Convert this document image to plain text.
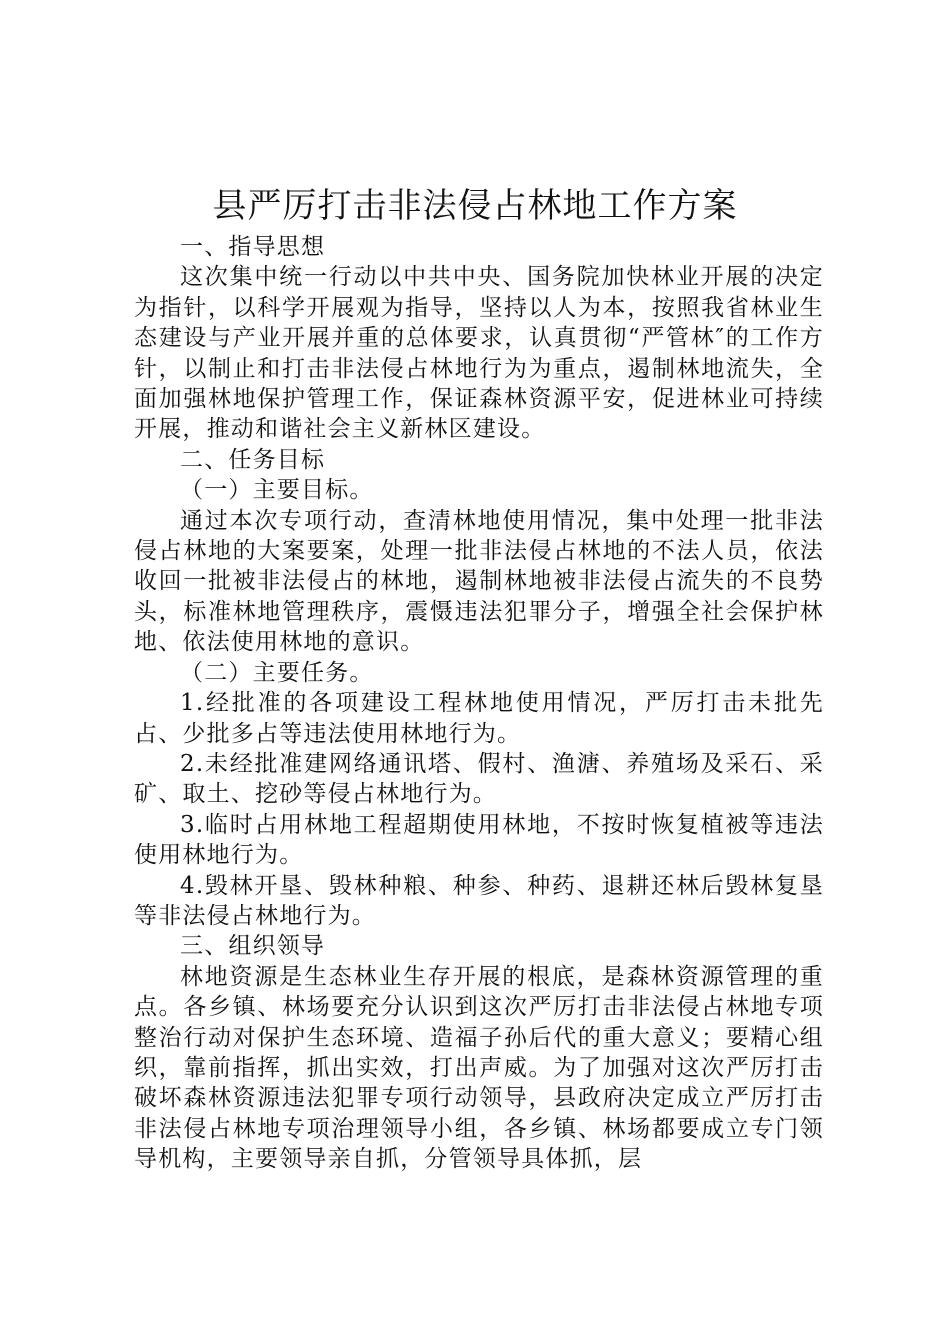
县严厉打击非法侵占林地工作方案

一、指导思想

这次集中统一行动以中共中央、国务院加快林业开展的决定为指针，以科学开展观为指导，坚持以人为本，按照我省林业生态建设与产业开展并重的总体要求，认真贯彻“严管林″的工作方针，以制止和打击非法侵占林地行为为重点，遏制林地流失，全面加强林地保护管理工作，保证森林资源平安，促进林业可持续开展，推动和谐社会主义新林区建设。

二、任务目标

（一）主要目标。

通过本次专项行动，查清林地使用情况，集中处理一批非法侵占林地的大案要案，处理一批非法侵占林地的不法人员，依法收回一批被非法侵占的林地，遏制林地被非法侵占流失的不良势头，标准林地管理秩序，震慑违法犯罪分子，增强全社会保护林地、依法使用林地的意识。

（二）主要任务。

1.经批准的各项建设工程林地使用情况，严厉打击未批先占、少批多占等违法使用林地行为。

2.未经批准建网络通讯塔、假村、渔溏、养殖场及采石、采矿、取土、挖砂等侵占林地行为。

3.临时占用林地工程超期使用林地，不按时恢复植被等违法使用林地行为。

4.毁林开垦、毁林种粮、种参、种药、退耕还林后毁林复垦等非法侵占林地行为。

三、组织领导

林地资源是生态林业生存开展的根底，是森林资源管理的重点。各乡镇、林场要充分认识到这次严厉打击非法侵占林地专项整治行动对保护生态环境、造福子孙后代的重大意义；要精心组织，靠前指挥，抓出实效，打出声威。为了加强对这次严厉打击破坏森林资源违法犯罪专项行动领导，县政府决定成立严厉打击非法侵占林地专项治理领导小组，各乡镇、林场都要成立专门领导机构，主要领导亲自抓，分管领导具体抓，层
